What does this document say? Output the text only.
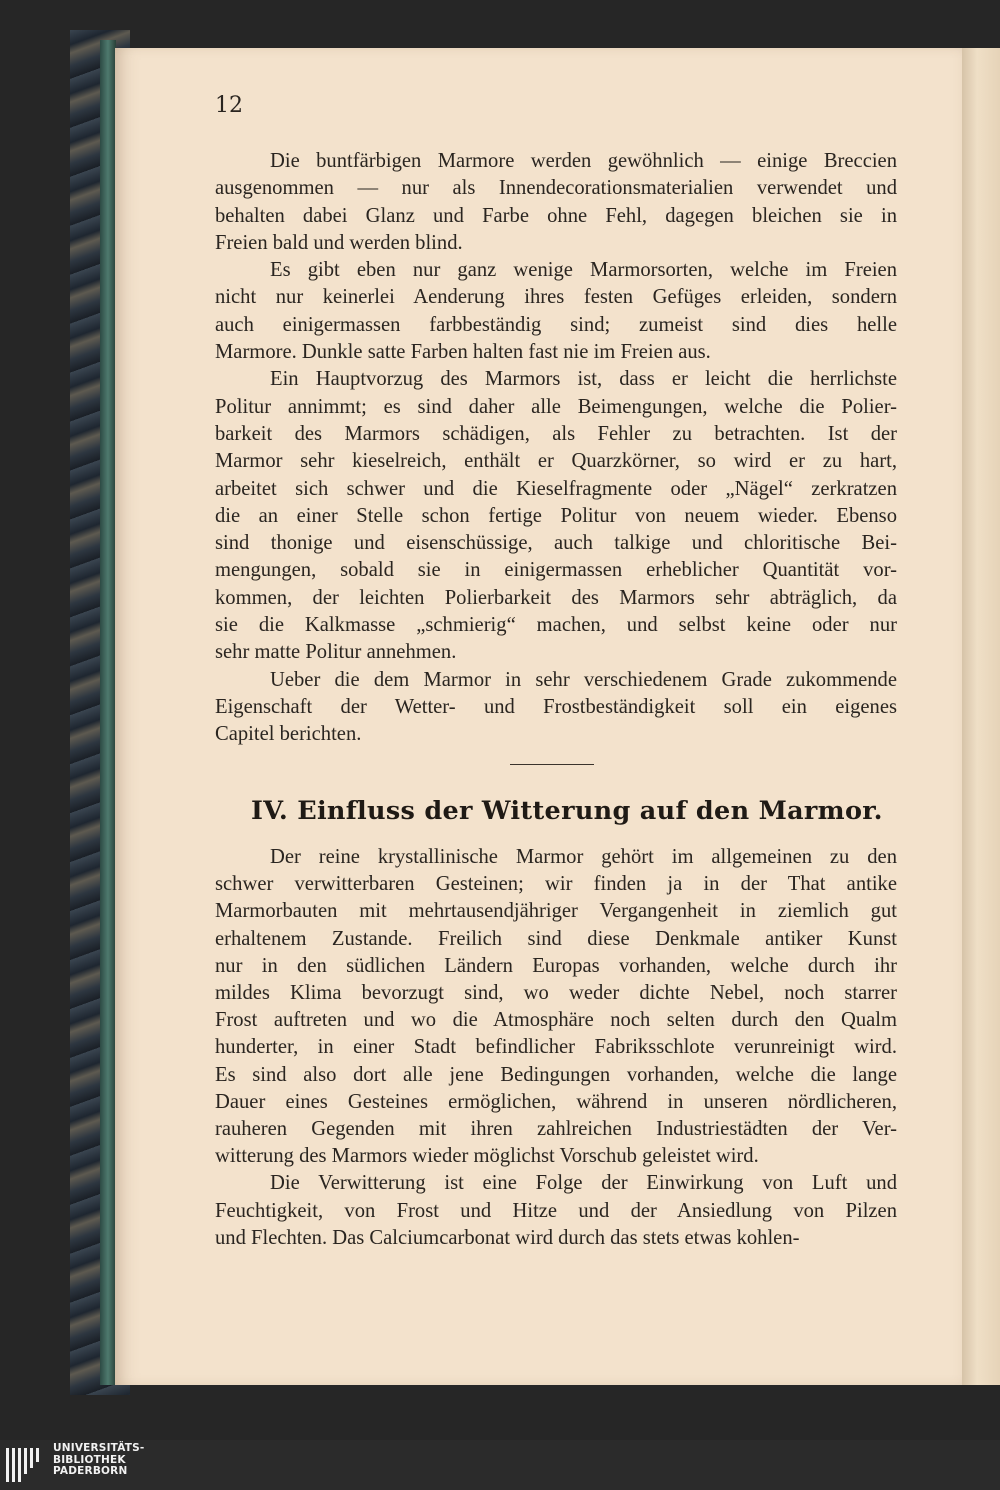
12
Die buntfärbigen Marmore werden gewöhnlich — einige Breccien
ausgenommen — nur als Innendecorationsmaterialien verwendet und
behalten dabei Glanz und Farbe ohne Fehl, dagegen bleichen sie in
Freien bald und werden blind.
Es gibt eben nur ganz wenige Marmorsorten, welche im Freien
nicht nur keinerlei Aenderung ihres festen Gefüges erleiden, sondern
auch einigermassen farbbeständig sind; zumeist sind dies helle
Marmore. Dunkle satte Farben halten fast nie im Freien aus.
Ein Hauptvorzug des Marmors ist, dass er leicht die herrlichste
Politur annimmt; es sind daher alle Beimengungen, welche die Polier-
barkeit des Marmors schädigen, als Fehler zu betrachten. Ist der
Marmor sehr kieselreich, enthält er Quarzkörner, so wird er zu hart,
arbeitet sich schwer und die Kieselfragmente oder „Nägel“ zerkratzen
die an einer Stelle schon fertige Politur von neuem wieder. Ebenso
sind thonige und eisenschüssige, auch talkige und chloritische Bei-
mengungen, sobald sie in einigermassen erheblicher Quantität vor-
kommen, der leichten Polierbarkeit des Marmors sehr abträglich, da
sie die Kalkmasse „schmierig“ machen, und selbst keine oder nur
sehr matte Politur annehmen.
Ueber die dem Marmor in sehr verschiedenem Grade zukommende
Eigenschaft der Wetter- und Frostbeständigkeit soll ein eigenes
Capitel berichten.
IV. Einfluss der Witterung auf den Marmor.
Der reine krystallinische Marmor gehört im allgemeinen zu den
schwer verwitterbaren Gesteinen; wir finden ja in der That antike
Marmorbauten mit mehrtausendjähriger Vergangenheit in ziemlich gut
erhaltenem Zustande. Freilich sind diese Denkmale antiker Kunst
nur in den südlichen Ländern Europas vorhanden, welche durch ihr
mildes Klima bevorzugt sind, wo weder dichte Nebel, noch starrer
Frost auftreten und wo die Atmosphäre noch selten durch den Qualm
hunderter, in einer Stadt befindlicher Fabriksschlote verunreinigt wird.
Es sind also dort alle jene Bedingungen vorhanden, welche die lange
Dauer eines Gesteines ermöglichen, während in unseren nördlicheren,
rauheren Gegenden mit ihren zahlreichen Industriestädten der Ver-
witterung des Marmors wieder möglichst Vorschub geleistet wird.
Die Verwitterung ist eine Folge der Einwirkung von Luft und
Feuchtigkeit, von Frost und Hitze und der Ansiedlung von Pilzen
und Flechten. Das Calciumcarbonat wird durch das stets etwas kohlen-
UNIVERSITÄTS-
BIBLIOTHEK
PADERBORN
